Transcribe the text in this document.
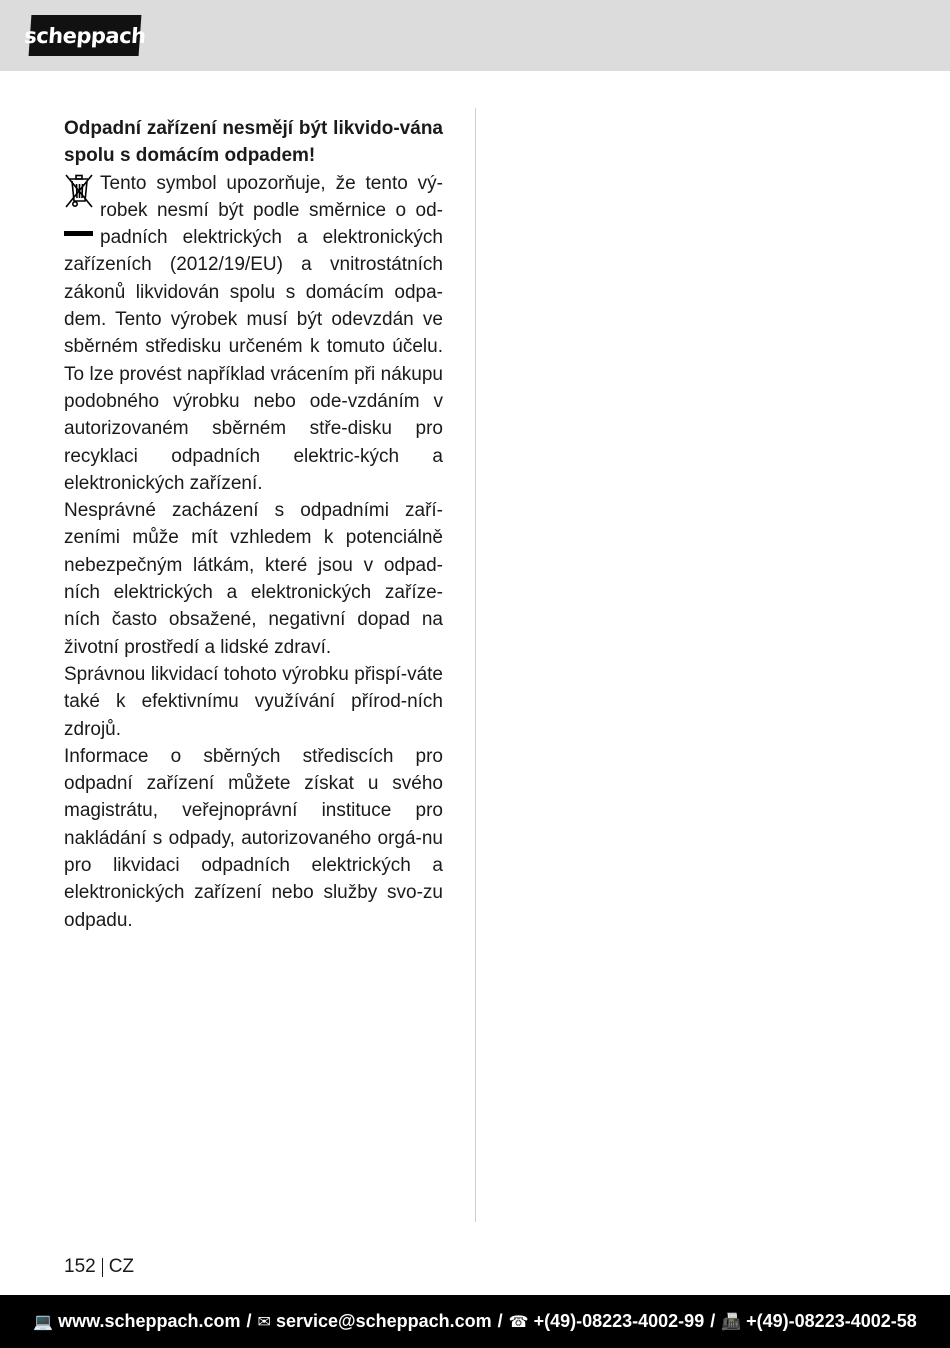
scheppach

Odpadní zařízení nesmějí být likvido-vána spolu s domácím odpadem!

Tento symbol upozorňuje, že tento vý-robek nesmí být podle směrnice o od-padních elektrických a elektronických zařízeních (2012/19/EU) a vnitrostátních zákonů likvidován spolu s domácím odpa-dem. Tento výrobek musí být odevzdán ve sběrném středisku určeném k tomuto účelu. To lze provést například vrácením při nákupu podobného výrobku nebo ode-vzdáním v autorizovaném sběrném stře-disku pro recyklaci odpadních elektric-kých a elektronických zařízení.

Nesprávné zacházení s odpadními zaří-zeními může mít vzhledem k potenciálně nebezpečným látkám, které jsou v odpad-ních elektrických a elektronických zaříze-ních často obsažené, negativní dopad na životní prostředí a lidské zdraví.

Správnou likvidací tohoto výrobku přispí-váte také k efektivnímu využívání přírod-ních zdrojů.

Informace o sběrných střediscích pro odpadní zařízení můžete získat u svého magistrátu, veřejnoprávní instituce pro nakládání s odpady, autorizovaného orgá-nu pro likvidaci odpadních elektrických a elektronických zařízení nebo služby svo-zu odpadu.

152 CZ
💻 www.scheppach.com / ✉ service@scheppach.com / ☎ +(49)-08223-4002-99 / 📠 +(49)-08223-4002-58
